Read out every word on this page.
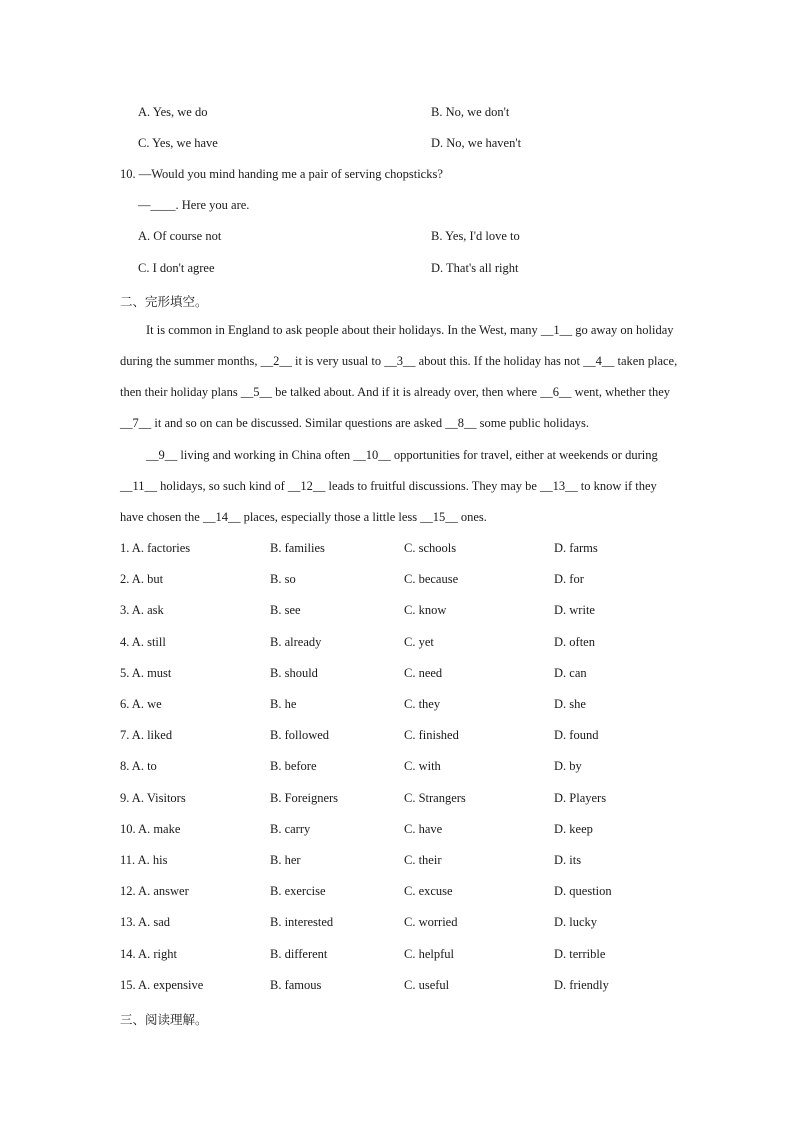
A. Yes, we do	B. No, we don't
C. Yes, we have	D. No, we haven't
10. —Would you mind handing me a pair of serving chopsticks?
—____. Here you are.
A. Of course not	B. Yes, I'd love to
C. I don't agree	D. That's all right
二、完形填空。
It is common in England to ask people about their holidays. In the West, many __1__ go away on holiday
during the summer months, __2__ it is very usual to __3__ about this. If the holiday has not __4__ taken place,
then their holiday plans __5__ be talked about. And if it is already over, then where __6__ went, whether they
__7__ it and so on can be discussed. Similar questions are asked __8__ some public holidays.
__9__ living and working in China often __10__ opportunities for travel, either at weekends or during
__11__ holidays, so such kind of __12__ leads to fruitful discussions. They may be __13__ to know if they
have chosen the __14__ places, especially those a little less __15__ ones.
1. A. factories	B. families	C. schools	D. farms
2. A. but	B. so	C. because	D. for
3. A. ask	B. see	C. know	D. write
4. A. still	B. already	C. yet	D. often
5. A. must	B. should	C. need	D. can
6. A. we	B. he	C. they	D. she
7. A. liked	B. followed	C. finished	D. found
8. A. to	B. before	C. with	D. by
9. A. Visitors	B. Foreigners	C. Strangers	D. Players
10. A. make	B. carry	C. have	D. keep
11. A. his	B. her	C. their	D. its
12. A. answer	B. exercise	C. excuse	D. question
13. A. sad	B. interested	C. worried	D. lucky
14. A. right	B. different	C. helpful	D. terrible
15. A. expensive	B. famous	C. useful	D. friendly
三、阅读理解。
